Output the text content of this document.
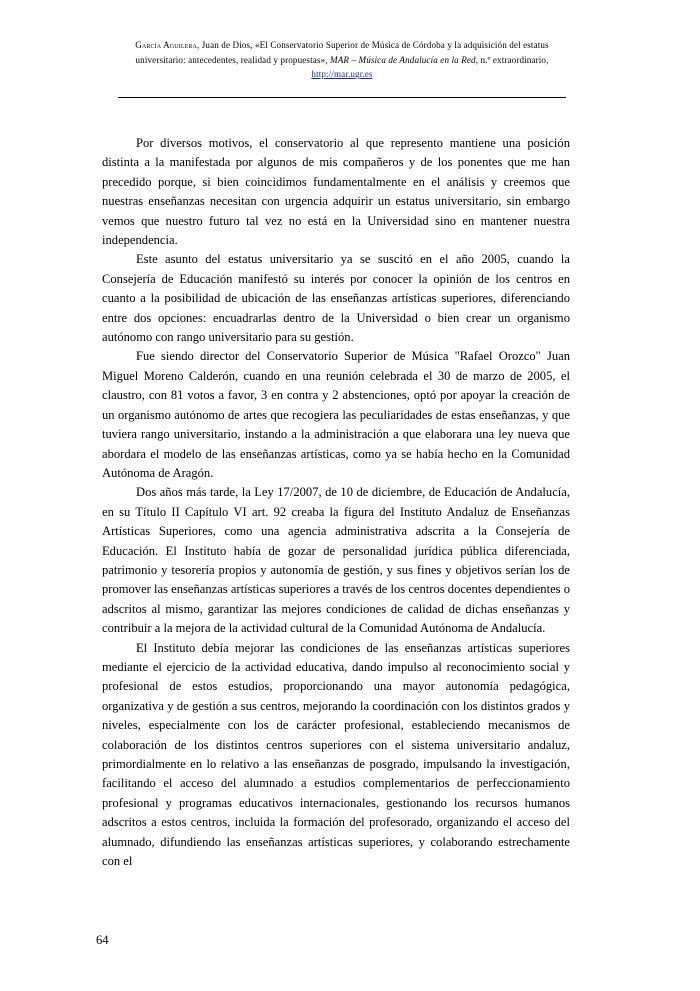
García Aguilera, Juan de Dios, «El Conservatorio Superior de Música de Córdoba y la adquisición del estatus universitario: antecedentes, realidad y propuestas», MAR – Música de Andalucía en la Red, n.º extraordinario, http://mar.ugr.es

Por diversos motivos, el conservatorio al que represento mantiene una posición distinta a la manifestada por algunos de mis compañeros y de los ponentes que me han precedido porque, si bien coincidimos fundamentalmente en el análisis y creemos que nuestras enseñanzas necesitan con urgencia adquirir un estatus universitario, sin embargo vemos que nuestro futuro tal vez no está en la Universidad sino en mantener nuestra independencia.

Este asunto del estatus universitario ya se suscitó en el año 2005, cuando la Consejería de Educación manifestó su interés por conocer la opinión de los centros en cuanto a la posibilidad de ubicación de las enseñanzas artísticas superiores, diferenciando entre dos opciones: encuadrarlas dentro de la Universidad o bien crear un organismo autónomo con rango universitario para su gestión.

Fue siendo director del Conservatorio Superior de Música "Rafael Orozco" Juan Miguel Moreno Calderón, cuando en una reunión celebrada el 30 de marzo de 2005, el claustro, con 81 votos a favor, 3 en contra y 2 abstenciones, optó por apoyar la creación de un organismo autónomo de artes que recogiera las peculiaridades de estas enseñanzas, y que tuviera rango universitario, instando a la administración a que elaborara una ley nueva que abordara el modelo de las enseñanzas artísticas, como ya se había hecho en la Comunidad Autónoma de Aragón.

Dos años más tarde, la Ley 17/2007, de 10 de diciembre, de Educación de Andalucía, en su Título II Capítulo VI art. 92 creaba la figura del Instituto Andaluz de Enseñanzas Artísticas Superiores, como una agencia administrativa adscrita a la Consejería de Educación. El Instituto había de gozar de personalidad jurídica pública diferenciada, patrimonio y tesorería propios y autonomía de gestión, y sus fines y objetivos serían los de promover las enseñanzas artísticas superiores a través de los centros docentes dependientes o adscritos al mismo, garantizar las mejores condiciones de calidad de dichas enseñanzas y contribuir a la mejora de la actividad cultural de la Comunidad Autónoma de Andalucía.

El Instituto debía mejorar las condiciones de las enseñanzas artísticas superiores mediante el ejercicio de la actividad educativa, dando impulso al reconocimiento social y profesional de estos estudios, proporcionando una mayor autonomía pedagógica, organizativa y de gestión a sus centros, mejorando la coordinación con los distintos grados y niveles, especialmente con los de carácter profesional, estableciendo mecanismos de colaboración de los distintos centros superiores con el sistema universitario andaluz, primordialmente en lo relativo a las enseñanzas de posgrado, impulsando la investigación, facilitando el acceso del alumnado a estudios complementarios de perfeccionamiento profesional y programas educativos internacionales, gestionando los recursos humanos adscritos a estos centros, incluida la formación del profesorado, organizando el acceso del alumnado, difundiendo las enseñanzas artísticas superiores, y colaborando estrechamente con el

64
